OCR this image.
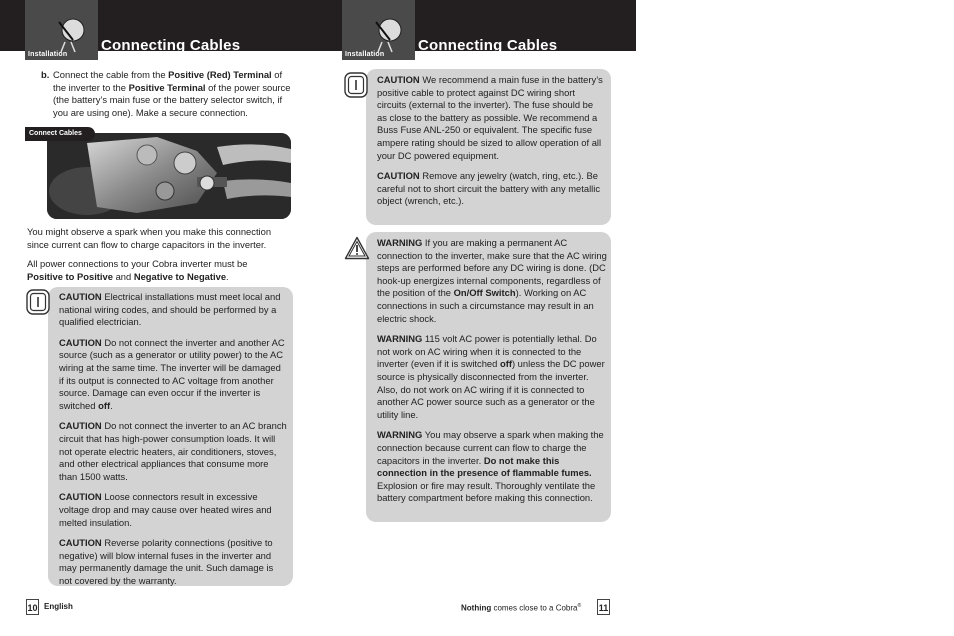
Installation
Connecting Cables
b. Connect the cable from the Positive (Red) Terminal of the inverter to the Positive Terminal of the power source (the battery’s main fuse or the battery selector switch, if you are using one). Make a secure connection.
Connect Cables

You might observe a spark when you make this connection since current can flow to charge capacitors in the inverter.

All power connections to your Cobra inverter must be Positive to Positive and Negative to Negative.

CAUTION Electrical installations must meet local and national wiring codes, and should be performed by a qualified electrician.

CAUTION Do not connect the inverter and another AC source (such as a generator or utility power) to the AC wiring at the same time. The inverter will be damaged if its output is connected to AC voltage from another source. Damage can even occur if the inverter is switched off.

CAUTION Do not connect the inverter to an AC branch circuit that has high-power consumption loads. It will not operate electric heaters, air conditioners, stoves, and other electrical appliances that consume more than 1500 watts.

CAUTION Loose connectors result in excessive voltage drop and may cause over heated wires and melted insulation.

CAUTION Reverse polarity connections (positive to negative) will blow internal fuses in the inverter and may permanently damage the unit. Such damage is not covered by the warranty.

10 English
Installation
Connecting Cables

CAUTION We recommend a main fuse in the battery’s positive cable to protect against DC wiring short circuits (external to the inverter). The fuse should be as close to the battery as possible. We recommend a Buss Fuse ANL-250 or equivalent. The specific fuse ampere rating should be sized to allow operation of all your DC powered equipment.

CAUTION Remove any jewelry (watch, ring, etc.). Be careful not to short circuit the battery with any metallic object (wrench, etc.).

WARNING If you are making a permanent AC connection to the inverter, make sure that the AC wiring steps are performed before any DC wiring is done. (DC hook-up energizes internal components, regardless of the position of the On/Off Switch). Working on AC connections in such a circumstance may result in an electric shock.

WARNING 115 volt AC power is potentially lethal. Do not work on AC wiring when it is connected to the inverter (even if it is switched off) unless the DC power source is physically disconnected from the inverter. Also, do not work on AC wiring if it is connected to another AC power source such as a generator or the utility line.

WARNING You may observe a spark when making the connection because current can flow to charge the capacitors in the inverter. Do not make this connection in the presence of flammable fumes. Explosion or fire may result. Thoroughly ventilate the battery compartment before making this connection.

Nothing comes close to a Cobra® 11
